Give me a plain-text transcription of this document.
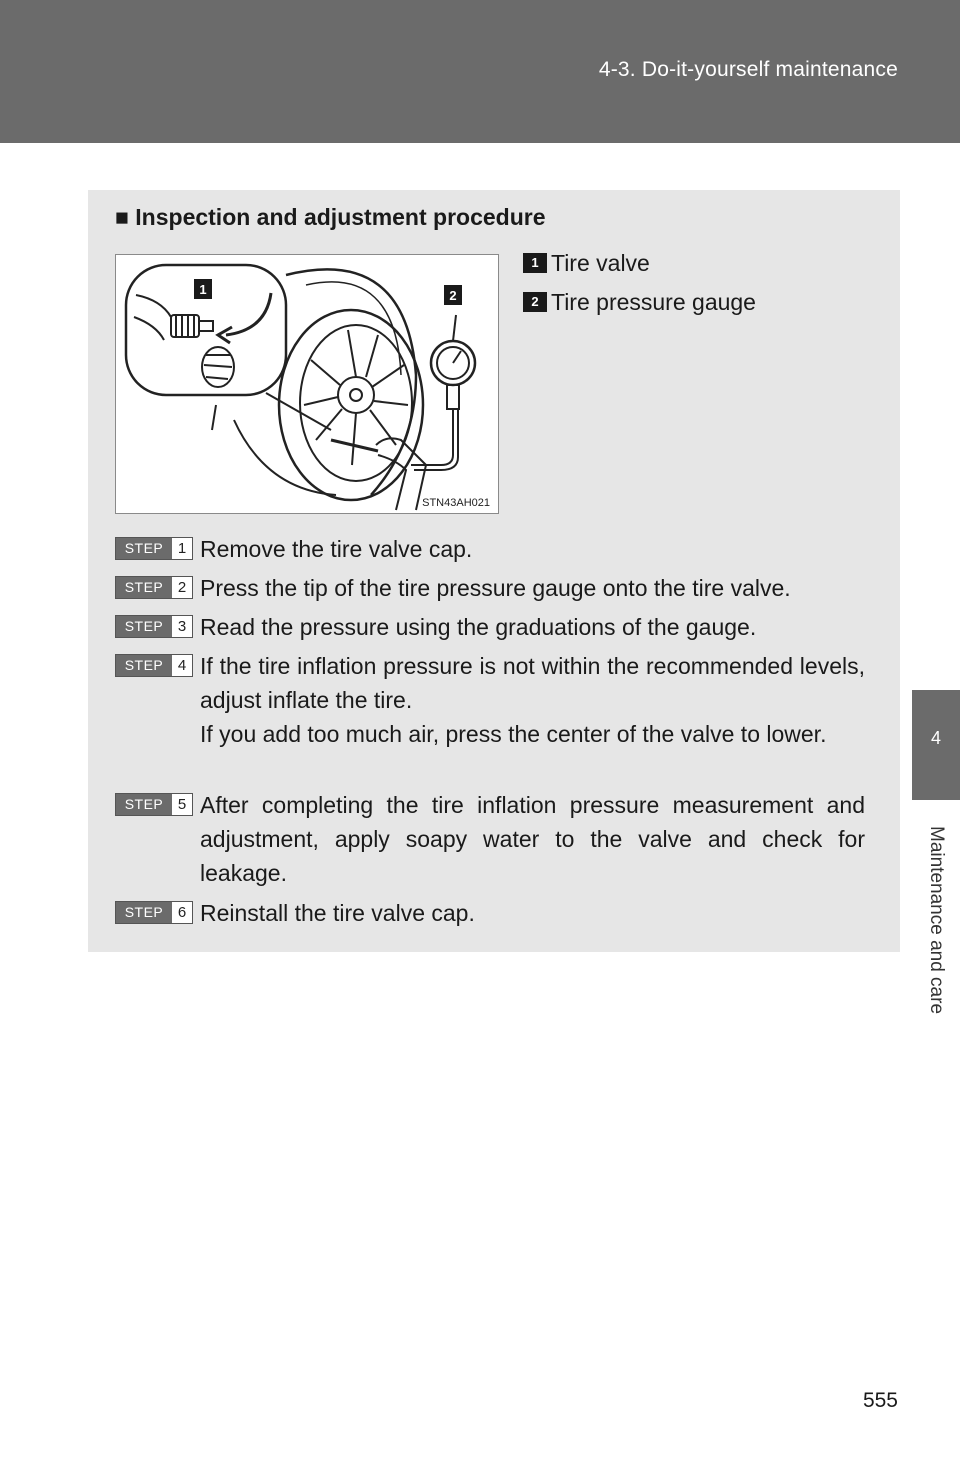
4-3. Do-it-yourself maintenance
4
Maintenance and care
■ Inspection and adjustment procedure
1	2
STN43AH021
1 Tire valve
2 Tire pressure gauge
STEP 1 Remove the tire valve cap.
STEP 2 Press the tip of the tire pressure gauge onto the tire valve.
STEP 3 Read the pressure using the graduations of the gauge.
STEP 4 If the tire inflation pressure is not within the recommended levels, adjust inflate the tire.
If you add too much air, press the center of the valve to lower.
STEP 5 After completing the tire inflation pressure measurement and adjustment, apply soapy water to the valve and check for leakage.
STEP 6 Reinstall the tire valve cap.
555
